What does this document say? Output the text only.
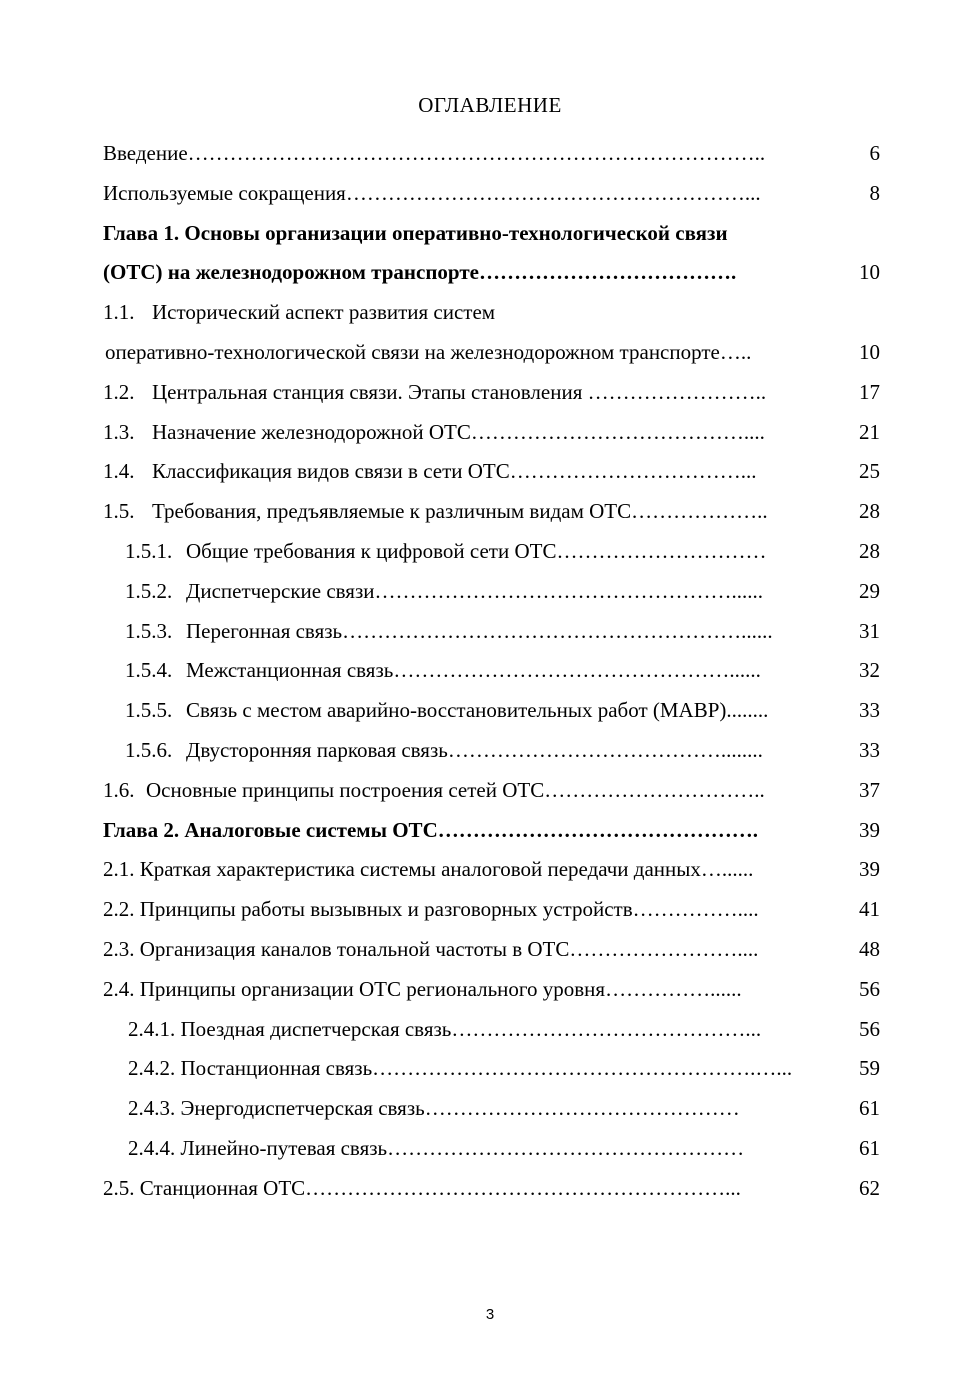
ОГЛАВЛЕНИЕ
Введение………………………………………………………………………..	6
Используемые сокращения…………………………………………………...	8
Глава 1. Основы организации оперативно-технологической связи
(ОТС) на железнодорожном транспорте……………………………….	10
1.1. Исторический аспект развития систем
оперативно-технологической связи на железнодорожном транспорте…..	10
1.2. Центральная станция связи. Этапы становления ……………………..	17
1.3. Назначение железнодорожной ОТС…………………………………....	21
1.4. Классификация видов связи в сети ОТС……………………………...	25
1.5. Требования, предъявляемые к различным видам ОТС………………..	28
1.5.1. Общие требования к цифровой сети ОТС…………………………	28
1.5.2. Диспетчерские связи……………………………………………......	29
1.5.3. Перегонная связь…………………………………………………......	31
1.5.4. Межстанционная связь…………………………………………......	32
1.5.5. Связь с местом аварийно-восстановительных работ (МАВР)........	33
1.5.6. Двусторонняя парковая связь…………………………………........	33
1.6. Основные принципы построения сетей ОТС…………………………..	37
Глава 2. Аналоговые системы ОТС……………………………………….	39
2.1. Краткая характеристика системы аналоговой передачи данных…......	39
2.2. Принципы работы вызывных и разговорных устройств……………....	41
2.3. Организация каналов тональной частоты в ОТС……………………....	48
2.4. Принципы организации ОТС регионального уровня……………......	56
2.4.1. Поездная диспетчерская связь……………………………………...	56
2.4.2. Постанционная связь……………………………………………….…...	59
2.4.3. Энергодиспетчерская связь………………………………………	61
2.4.4. Линейно-путевая связь……………………………………………	61
2.5. Станционная ОТС……………………………………………………...	62
3
